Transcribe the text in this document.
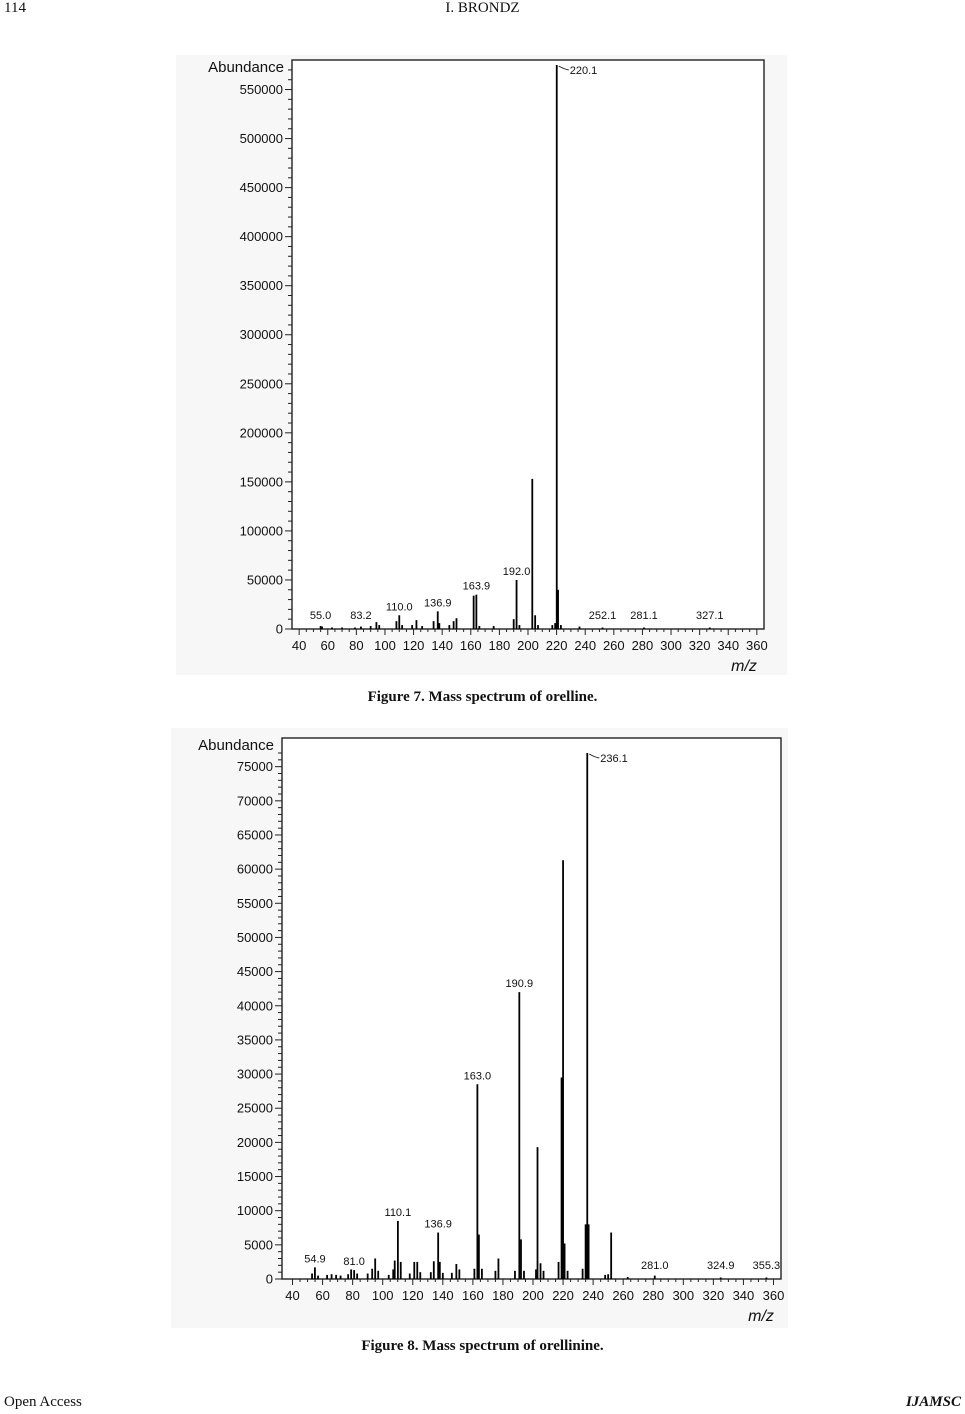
114	I. BRONDZ
Abundance
0
50000
100000
150000
200000
250000
300000
350000
400000
450000
500000
550000
40 60 80 100 120 140 160 180 200 220 240 260 280 300 320 340 360
m/z
55.0 83.2
110.0 136.9
163.9
192.0
220.1
252.1 281.1	327.1
Figure 7. Mass spectrum of orelline.
Abundance
0
5000
10000
15000
20000
25000
30000
35000
40000
45000
50000
55000
60000
65000
70000
75000
40 60 80 100 120 140 160 180 200 220 240 260 280 300 320 340 360
m/z
54.9 81.0
110.1
136.9
163.0
190.9
236.1
281.0	324.9 355.3
Figure 8. Mass spectrum of orellinine.
Open Access	IJAMSC
